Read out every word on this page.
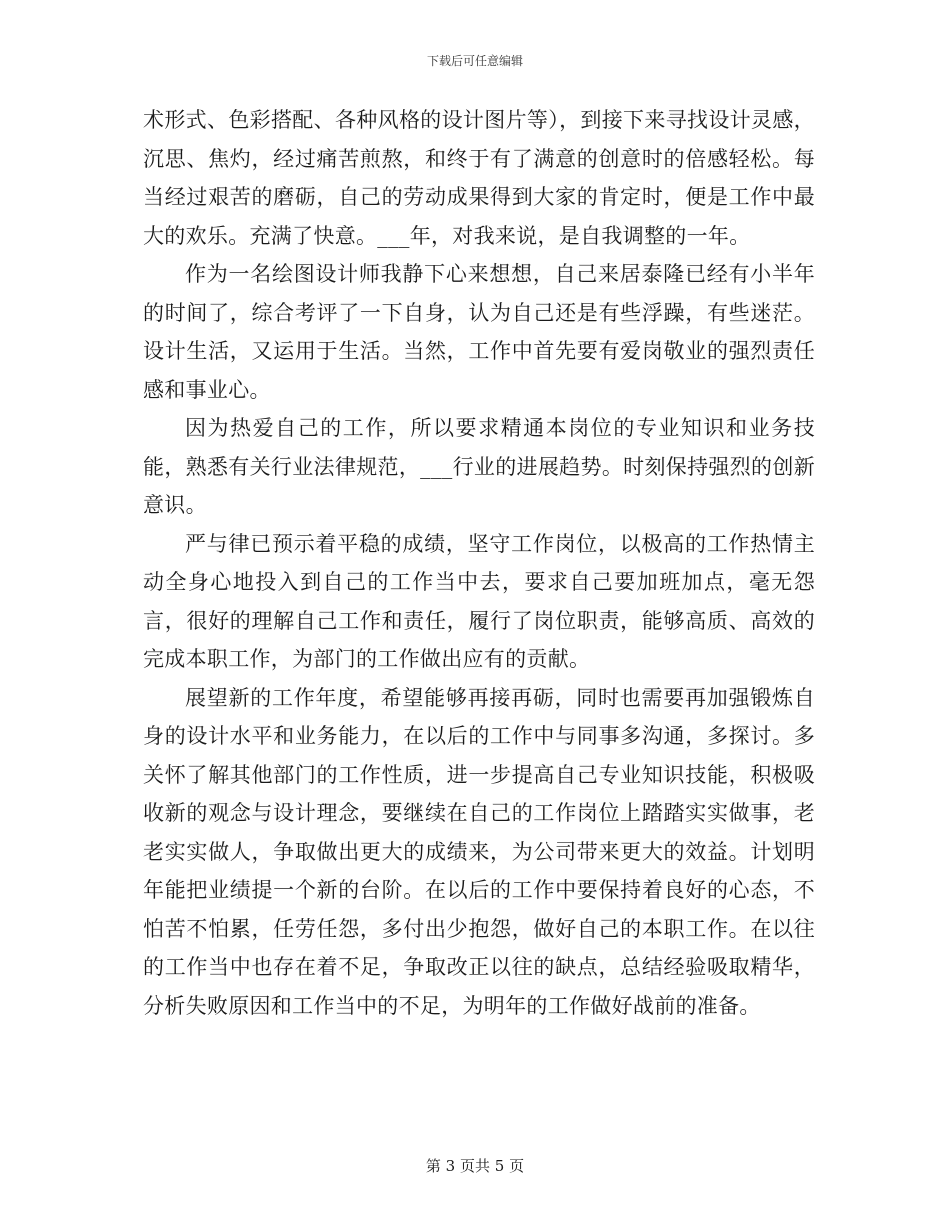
下载后可任意编辑

术形式、色彩搭配、各种风格的设计图片等），到接下来寻找设计灵感，沉思、焦灼，经过痛苦煎熬，和终于有了满意的创意时的倍感轻松。每当经过艰苦的磨砺，自己的劳动成果得到大家的肯定时，便是工作中最大的欢乐。充满了快意。___年，对我来说，是自我调整的一年。

作为一名绘图设计师我静下心来想想，自己来居泰隆已经有小半年的时间了，综合考评了一下自身，认为自己还是有些浮躁，有些迷茫。设计生活，又运用于生活。当然，工作中首先要有爱岗敬业的强烈责任感和事业心。

因为热爱自己的工作，所以要求精通本岗位的专业知识和业务技能，熟悉有关行业法律规范，___行业的进展趋势。时刻保持强烈的创新意识。

严与律已预示着平稳的成绩，坚守工作岗位，以极高的工作热情主动全身心地投入到自己的工作当中去，要求自己要加班加点，毫无怨言，很好的理解自己工作和责任，履行了岗位职责，能够高质、高效的完成本职工作，为部门的工作做出应有的贡献。

展望新的工作年度，希望能够再接再砺，同时也需要再加强锻炼自身的设计水平和业务能力，在以后的工作中与同事多沟通，多探讨。多关怀了解其他部门的工作性质，进一步提高自己专业知识技能，积极吸收新的观念与设计理念，要继续在自己的工作岗位上踏踏实实做事，老老实实做人，争取做出更大的成绩来，为公司带来更大的效益。计划明年能把业绩提一个新的台阶。在以后的工作中要保持着良好的心态，不怕苦不怕累，任劳任怨，多付出少抱怨，做好自己的本职工作。在以往的工作当中也存在着不足，争取改正以往的缺点，总结经验吸取精华，分析失败原因和工作当中的不足，为明年的工作做好战前的准备。

第 3 页共 5 页
